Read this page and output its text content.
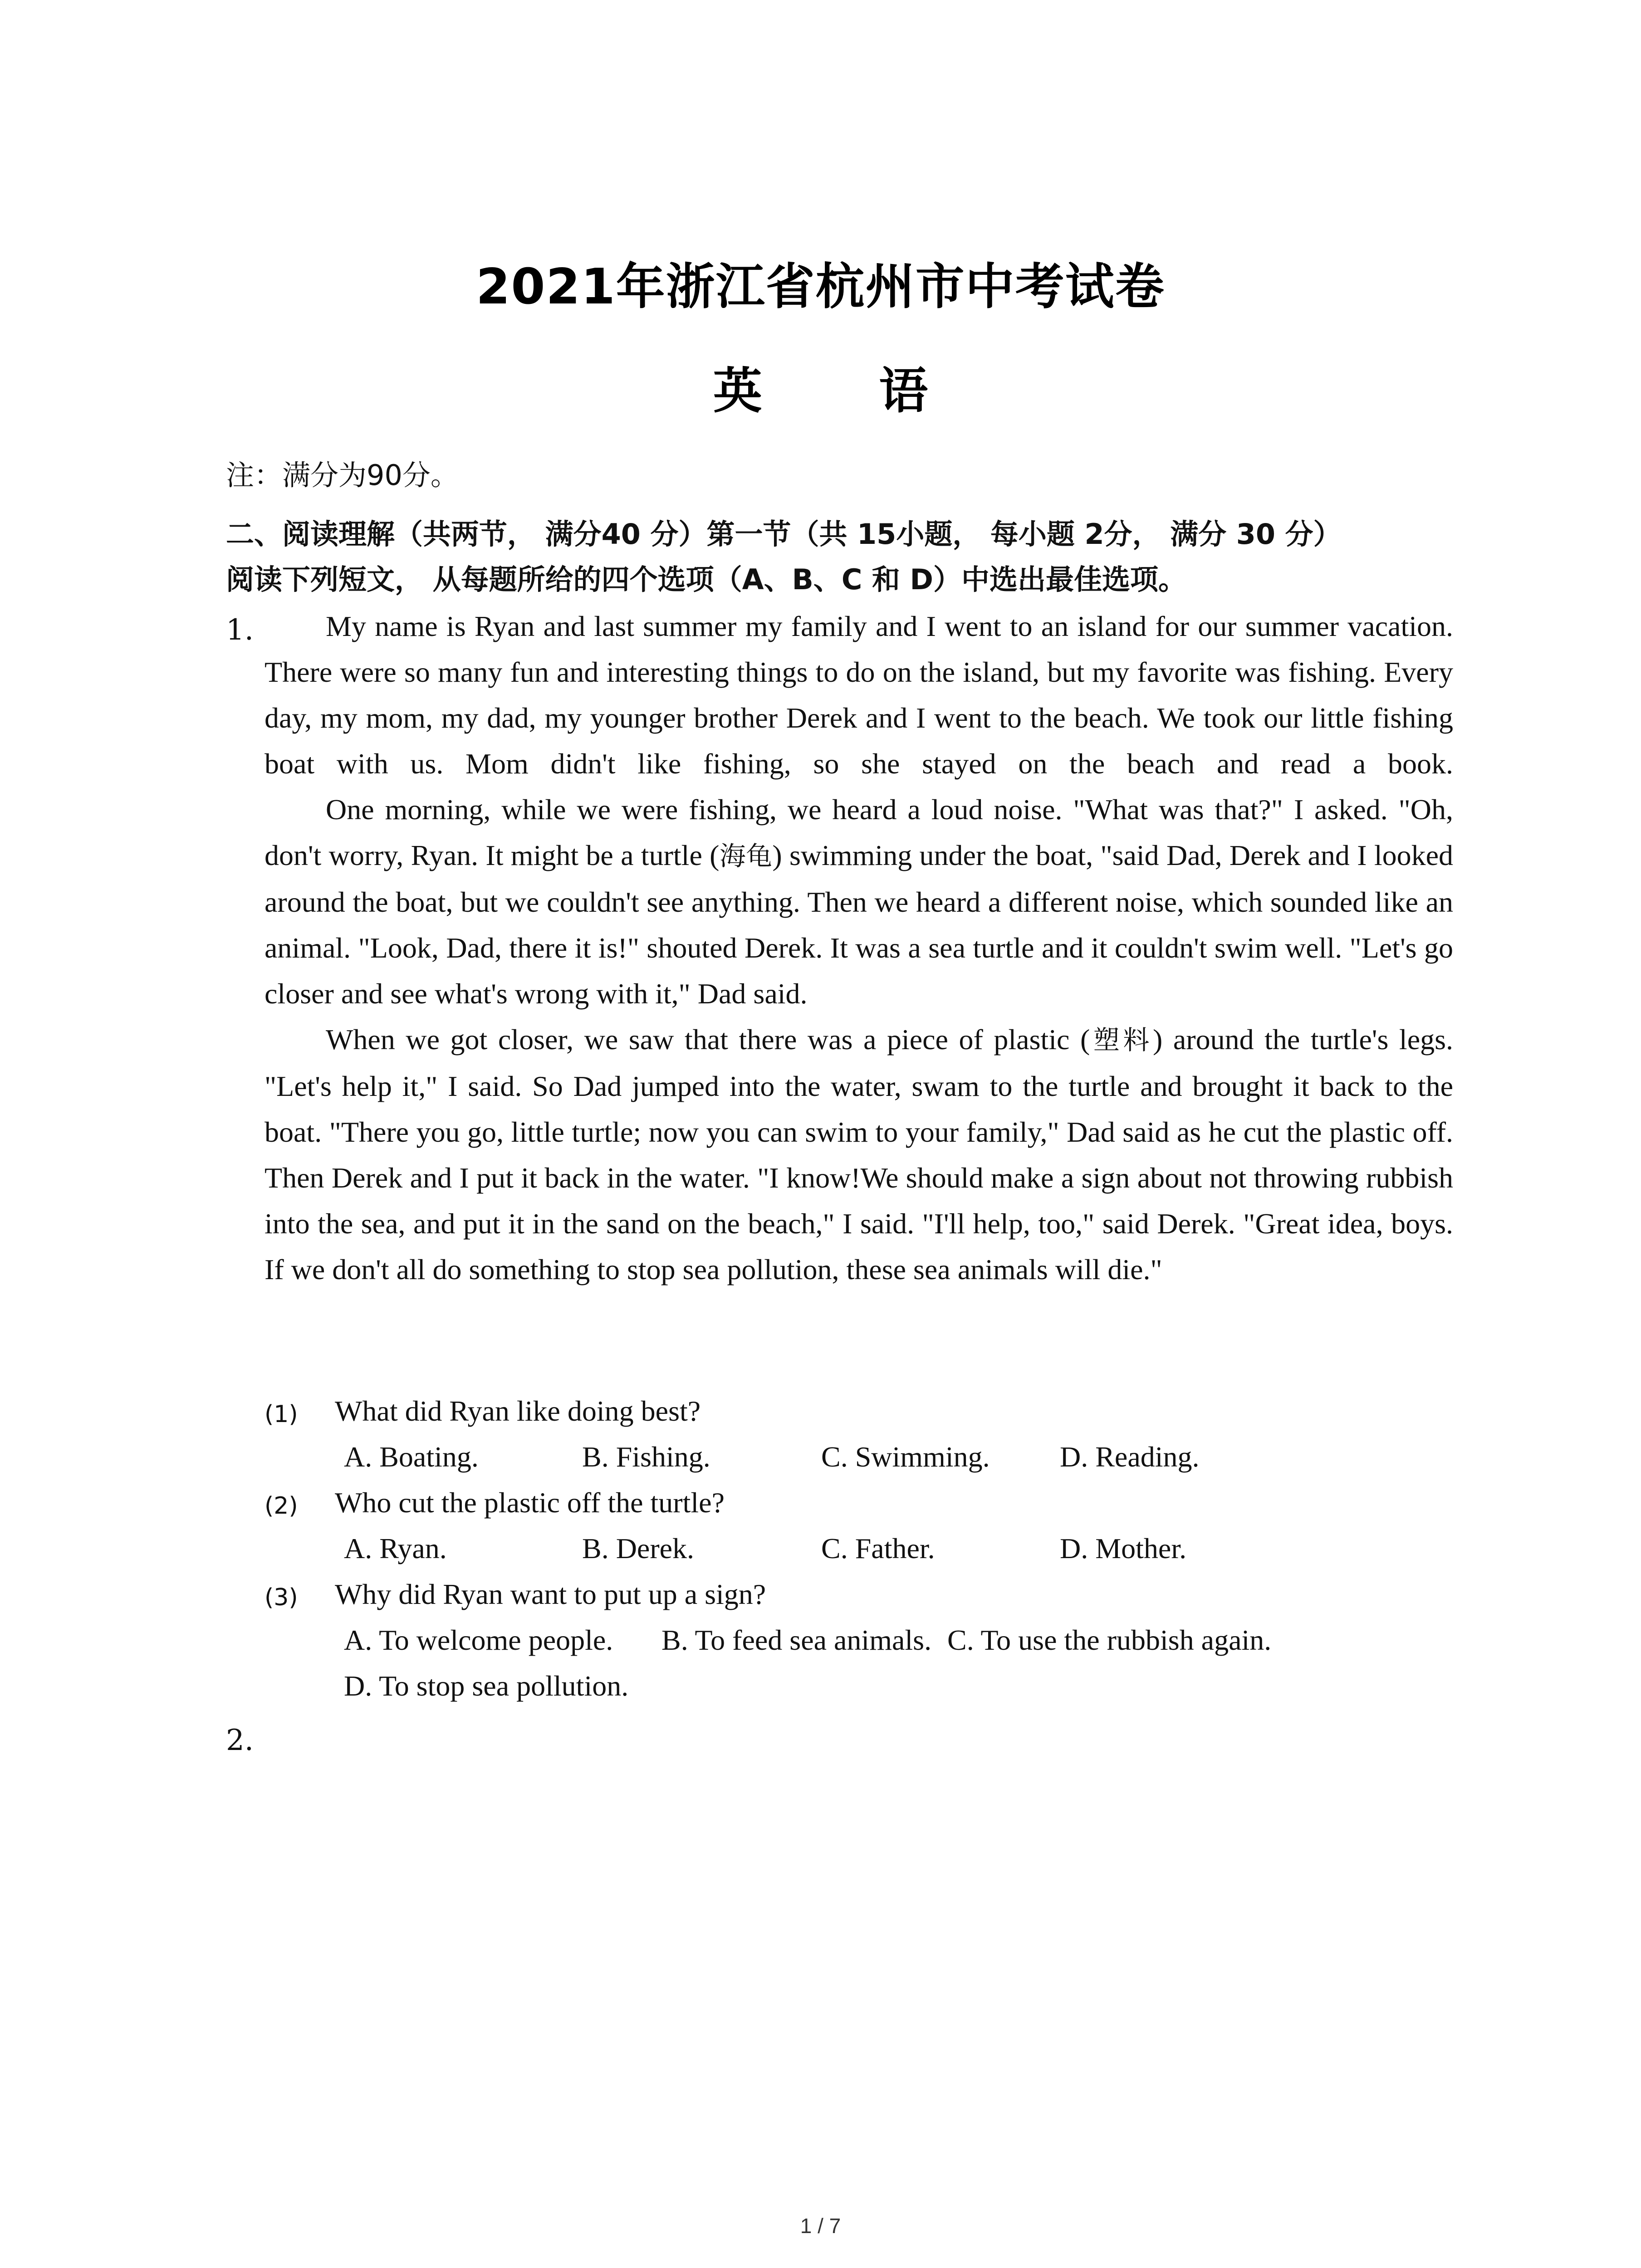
2021年浙江省杭州市中考试卷
英 语
注：满分为90分。
二、阅读理解（共两节， 满分40 分）第一节（共 15小题， 每小题 2分， 满分 30 分）
阅读下列短文， 从每题所给的四个选项（A、B、C 和 D）中选出最佳选项。
1.	My name is Ryan and last summer my family and I went to an island for our summer vacation. There were so many fun and interesting things to do on the island, but my favorite was fishing. Every day, my mom, my dad, my younger brother Derek and I went to the beach. We took our little fishing boat with us. Mom didn't like fishing, so she stayed on the beach and read a book.

One morning, while we were fishing, we heard a loud noise. "What was that?" I asked. "Oh, don't worry, Ryan. It might be a turtle (海龟) swimming under the boat, "said Dad, Derek and I looked around the boat, but we couldn't see anything. Then we heard a different noise, which sounded like an animal. "Look, Dad, there it is!" shouted Derek. It was a sea turtle and it couldn't swim well. "Let's go closer and see what's wrong with it," Dad said.

When we got closer, we saw that there was a piece of plastic (塑料) around the turtle's legs. "Let's help it," I said. So Dad jumped into the water, swam to the turtle and brought it back to the boat. "There you go, little turtle; now you can swim to your family," Dad said as he cut the plastic off. Then Derek and I put it back in the water. "I know!We should make a sign about not throwing rubbish into the sea, and put it in the sand on the beach," I said. "I'll help, too," said Derek. "Great idea, boys. If we don't all do something to stop sea pollution, these sea animals will die."

(1) What did Ryan like doing best?
A. Boating.	B. Fishing.	C. Swimming. D. Reading.
(2) Who cut the plastic off the turtle?
A. Ryan.	B. Derek.	C. Father.	D. Mother.
(3) Why did Ryan want to put up a sign?
A. To welcome people. B. To feed sea animals. C. To use the rubbish again.
D. To stop sea pollution.
2.
1 / 7
